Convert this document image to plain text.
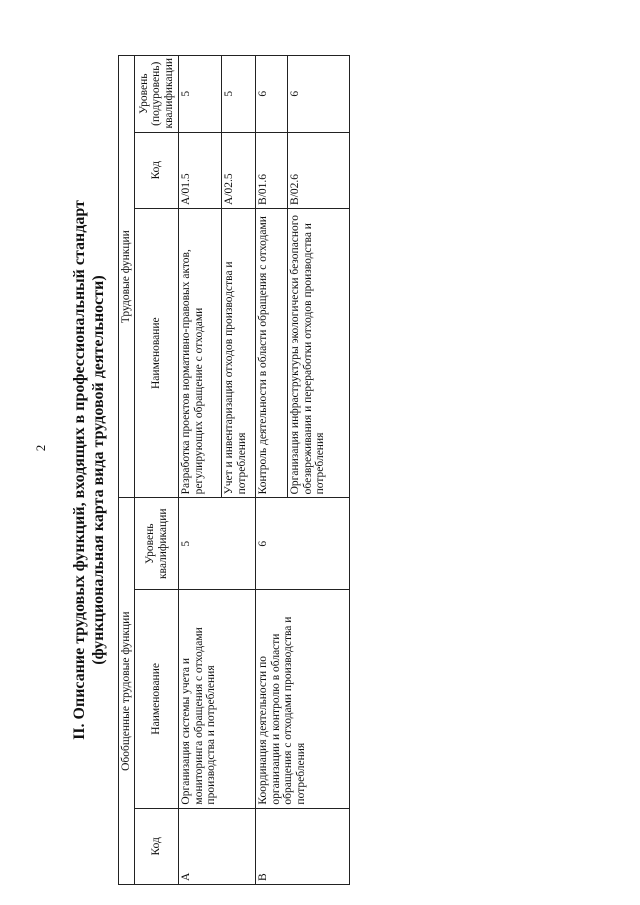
2 II. Описание трудовых функций, входящих в профессиональный стандарт (функциональная карта вида трудовой деятельности)
Обобщенные трудовые функции			Трудовые функции		
Код	Наименование	Уровень квалификации	Наименование	Код	Уровень (подуровень) квалификации
A	Организация системы учета и мониторинга обращения с отходами производства и потребления	5	Разработка проектов нормативно-правовых актов, регулирующих обращение с отходами	A/01.5	5
			Учет и инвентаризация отходов производства и потребления	A/02.5	5
B	Координация деятельности по организации и контролю в области обращения с отходами производства и потребления	6	Контроль деятельности в области обращения с отходами	B/01.6	6
			Организация инфраструктуры экологически безопасного обезвреживания и переработки отходов производства и потребления	B/02.6	6
